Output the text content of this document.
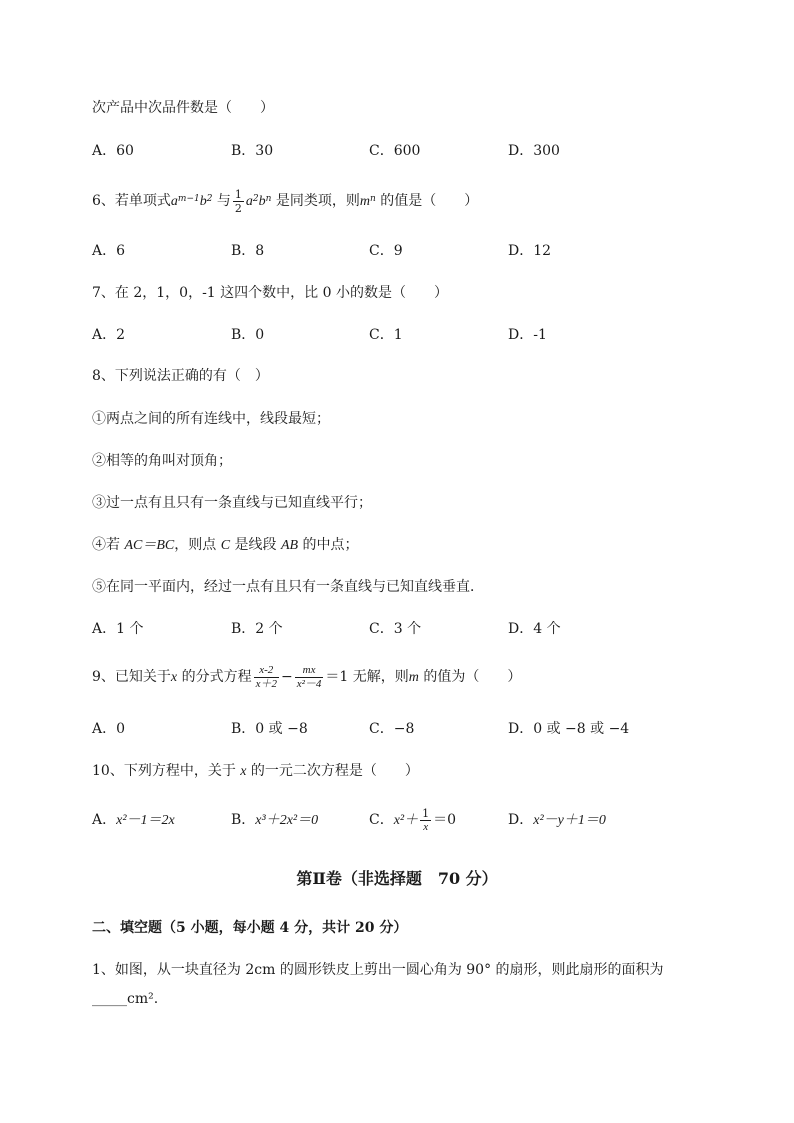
次产品中次品件数是（　　）
A．60	B．30	C．600	D．300
6、若单项式$a^{m-1}b^2$ 与 $\frac{1}{2} a^2b^n$ 是同类项，则$m^n$ 的值是（　　）
A．6	B．8	C．9	D．12
7、在 2，1，0，-1 这四个数中，比 0 小的数是（　　）
A．2	B．0	C．1	D．-1
8、下列说法正确的有（　）
①两点之间的所有连线中，线段最短；
②相等的角叫对顶角；
③过一点有且只有一条直线与已知直线平行；
④若 AC＝BC，则点 C 是线段 AB 的中点；
⑤在同一平面内，经过一点有且只有一条直线与已知直线垂直．
A．1 个	B．2 个	C．3 个	D．4 个
9、已知关于x 的分式方程 $\frac{x-2}{x+2} - \frac{mx}{\text{x²－4}} =1$ 无解，则m 的值为（　　）
A．0	B．0 或 −8	C．−8	D．0 或 −8 或 −4
10、下列方程中，关于 x 的一元二次方程是（　　）
A．x²－1＝2x	B．x³＋2x²＝0	C．$x^2+ \frac{1}{x} =0$	D．x²－y＋1＝0
第Ⅱ卷（非选择题　70 分）
二、填空题（5 小题，每小题 4 分，共计 20 分）
1、如图，从一块直径为 2cm 的圆形铁皮上剪出一圆心角为 90° 的扇形，则此扇形的面积为
_____cm².
